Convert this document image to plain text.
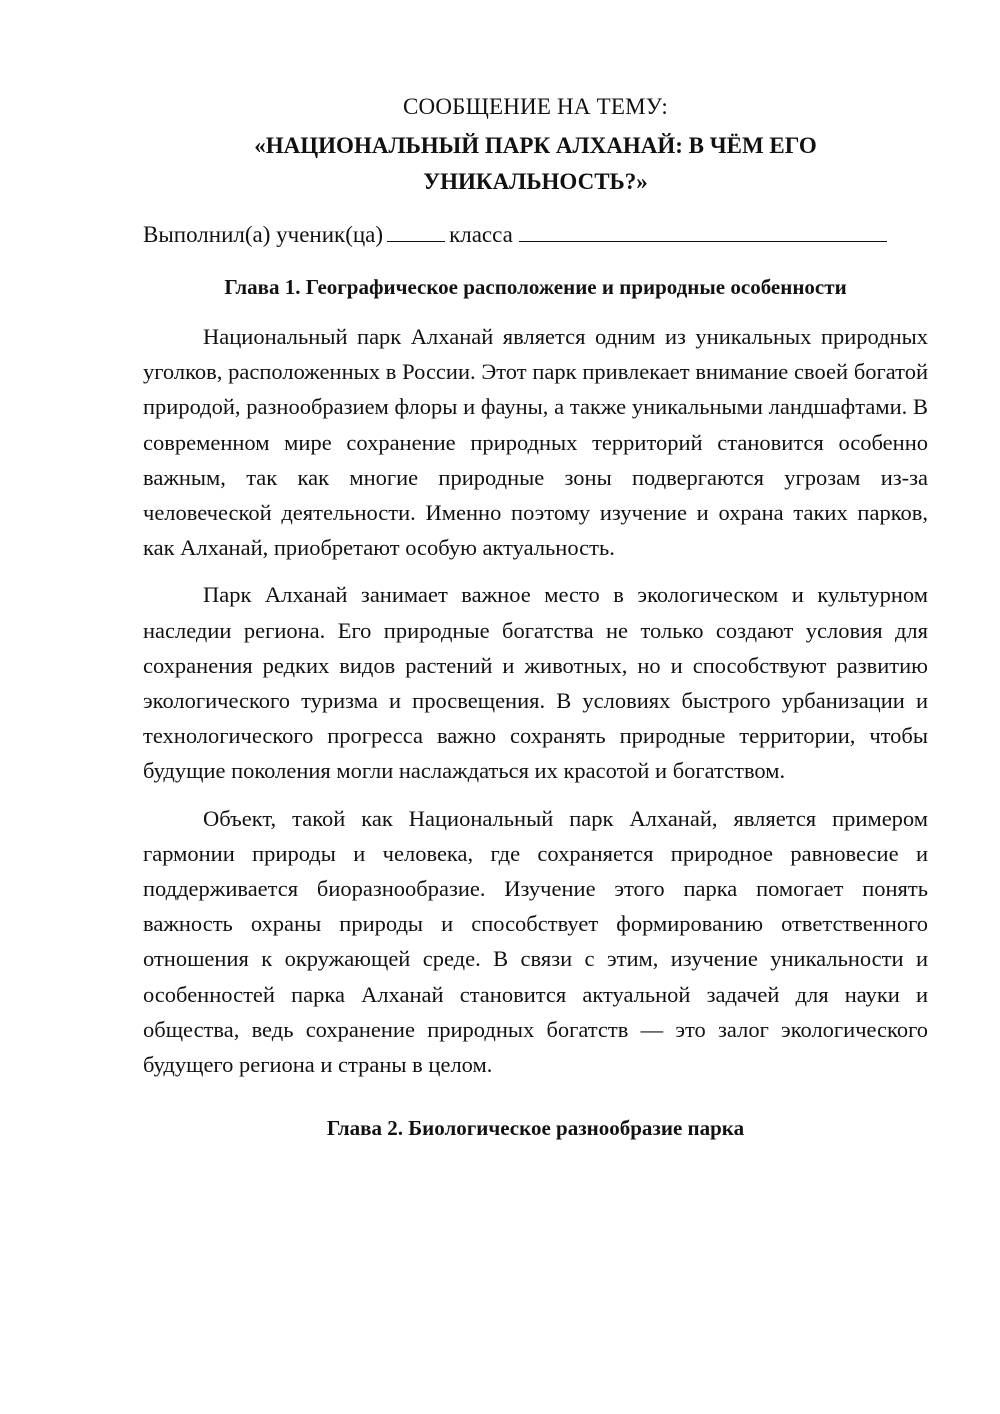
СООБЩЕНИЕ НА ТЕМУ:

«НАЦИОНАЛЬНЫЙ ПАРК АЛХАНАЙ: В ЧЁМ ЕГО УНИКАЛЬНОСТЬ?»

Выполнил(а) ученик(ца)	класса

Глава 1. Географическое расположение и природные особенности

Национальный парк Алханай является одним из уникальных природных уголков, расположенных в России. Этот парк привлекает внимание своей богатой природой, разнообразием флоры и фауны, а также уникальными ландшафтами. В современном мире сохранение природных территорий становится особенно важным, так как многие природные зоны подвергаются угрозам из-за человеческой деятельности. Именно поэтому изучение и охрана таких парков, как Алханай, приобретают особую актуальность.

Парк Алханай занимает важное место в экологическом и культурном наследии региона. Его природные богатства не только создают условия для сохранения редких видов растений и животных, но и способствуют развитию экологического туризма и просвещения. В условиях быстрого урбанизации и технологического прогресса важно сохранять природные территории, чтобы будущие поколения могли наслаждаться их красотой и богатством.

Объект, такой как Национальный парк Алханай, является примером гармонии природы и человека, где сохраняется природное равновесие и поддерживается биоразнообразие. Изучение этого парка помогает понять важность охраны природы и способствует формированию ответственного отношения к окружающей среде. В связи с этим, изучение уникальности и особенностей парка Алханай становится актуальной задачей для науки и общества, ведь сохранение природных богатств — это залог экологического будущего региона и страны в целом.

Глава 2. Биологическое разнообразие парка
